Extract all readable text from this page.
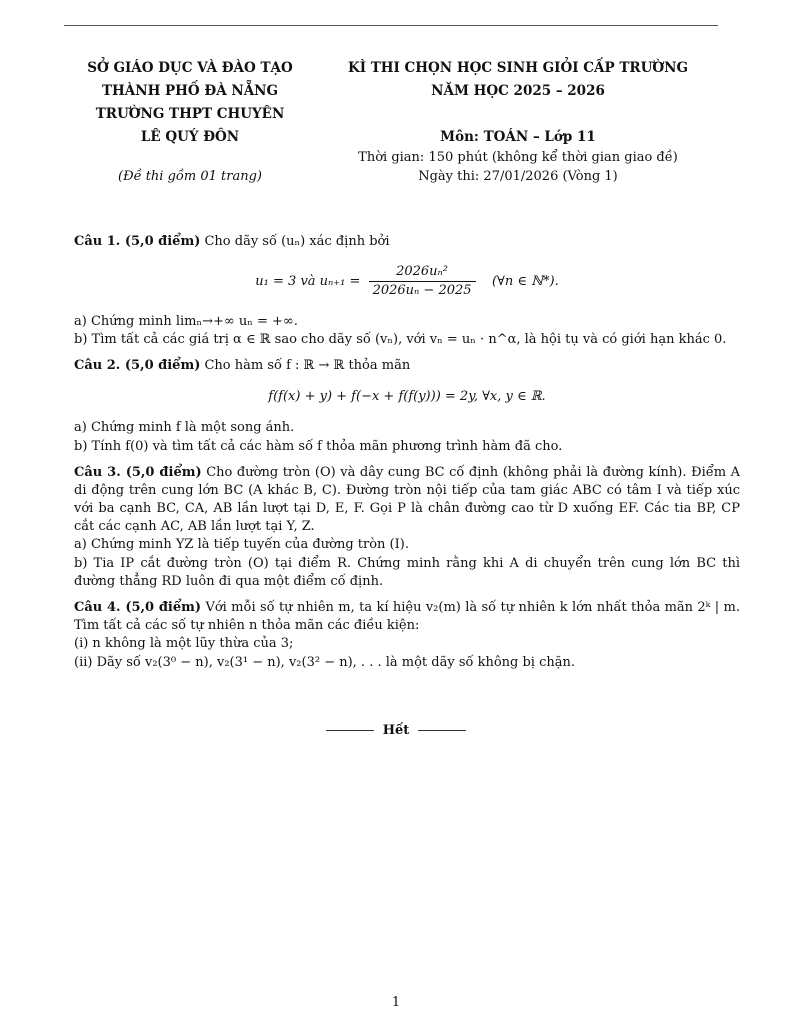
SỞ GIÁO DỤC VÀ ĐÀO TẠO
THÀNH PHỐ ĐÀ NẴNG
TRƯỜNG THPT CHUYÊN
LÊ QUÝ ĐÔN
KÌ THI CHỌN HỌC SINH GIỎI CẤP TRƯỜNG
NĂM HỌC 2025 – 2026
Môn: TOÁN – Lớp 11
Thời gian: 150 phút (không kể thời gian giao đề)
(Đề thi gồm 01 trang)	Ngày thi: 27/01/2026 (Vòng 1)

Câu 1. (5,0 điểm) Cho dãy số (uₙ) xác định bởi

u₁ = 3 và $u_{n+1} = \frac{\text{2026uₙ²}}{\text{2026uₙ − 2025}}$ (∀n ∈ ℕ*).

a) Chứng minh limₙ→+∞ uₙ = +∞.

b) Tìm tất cả các giá trị α ∈ ℝ sao cho dãy số (vₙ), với vₙ = uₙ · n^α, là hội tụ và có giới hạn khác 0.

Câu 2. (5,0 điểm) Cho hàm số f : ℝ → ℝ thỏa mãn

f(f(x) + y) + f(−x + f(f(y))) = 2y, ∀x, y ∈ ℝ.

a) Chứng minh f là một song ánh.

b) Tính f(0) và tìm tất cả các hàm số f thỏa mãn phương trình hàm đã cho.

Câu 3. (5,0 điểm) Cho đường tròn (O) và dây cung BC cố định (không phải là đường kính). Điểm A di động trên cung lớn BC (A khác B, C). Đường tròn nội tiếp của tam giác ABC có tâm I và tiếp xúc với ba cạnh BC, CA, AB lần lượt tại D, E, F. Gọi P là chân đường cao từ D xuống EF. Các tia BP, CP cắt các cạnh AC, AB lần lượt tại Y, Z.

a) Chứng minh YZ là tiếp tuyến của đường tròn (I).

b) Tia IP cắt đường tròn (O) tại điểm R. Chứng minh rằng khi A di chuyển trên cung lớn BC thì đường thẳng RD luôn đi qua một điểm cố định.

Câu 4. (5,0 điểm) Với mỗi số tự nhiên m, ta kí hiệu v₂(m) là số tự nhiên k lớn nhất thỏa mãn 2ᵏ | m. Tìm tất cả các số tự nhiên n thỏa mãn các điều kiện:

(i) n không là một lũy thừa của 3;

(ii) Dãy số v₂(3⁰ − n), v₂(3¹ − n), v₂(3² − n), . . . là một dãy số không bị chặn.

Hết
1
